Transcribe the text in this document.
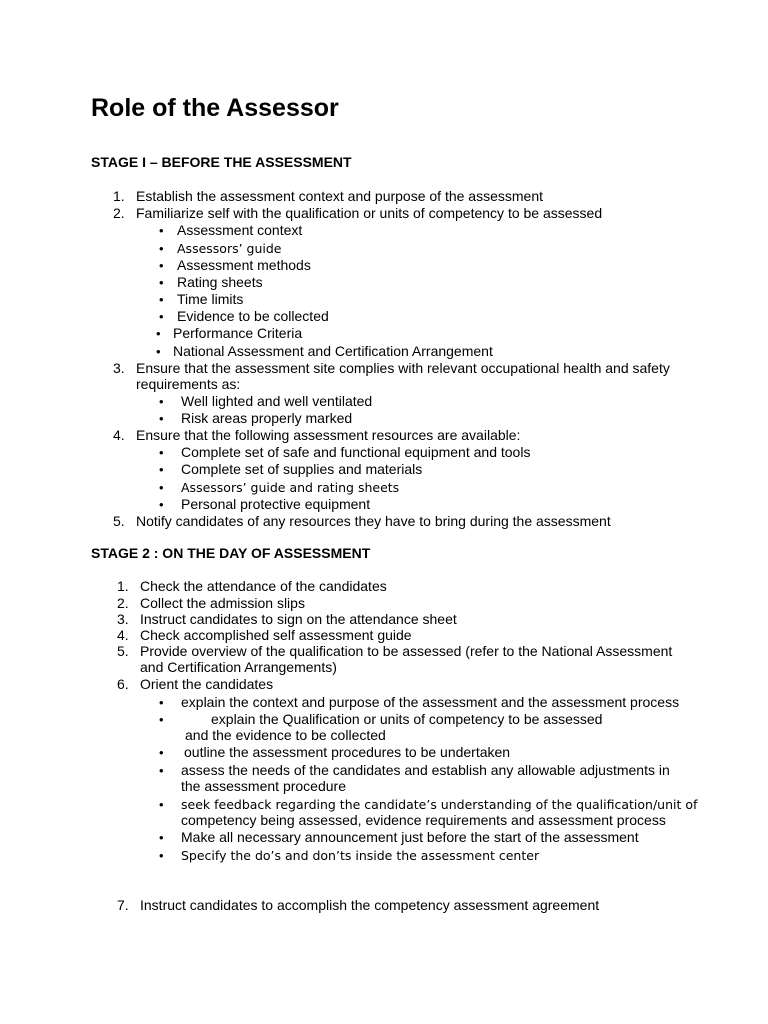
Role of the Assessor

STAGE I – BEFORE THE ASSESSMENT

1. Establish the assessment context and purpose of the assessment
2. Familiarize self with the qualification or units of competency to be assessed
• Assessment context
• Assessors’ guide
• Assessment methods
• Rating sheets
• Time limits
• Evidence to be collected
• Performance Criteria
• National Assessment and Certification Arrangement
3. Ensure that the assessment site complies with relevant occupational health and safety
requirements as:
• Well lighted and well ventilated
• Risk areas properly marked
4. Ensure that the following assessment resources are available:
• Complete set of safe and functional equipment and tools
• Complete set of supplies and materials
• Assessors’ guide and rating sheets
• Personal protective equipment
5. Notify candidates of any resources they have to bring during the assessment

STAGE 2 : ON THE DAY OF ASSESSMENT

1. Check the attendance of the candidates
2. Collect the admission slips
3. Instruct candidates to sign on the attendance sheet
4. Check accomplished self assessment guide
5. Provide overview of the qualification to be assessed (refer to the National Assessment
and Certification Arrangements)
6. Orient the candidates
• explain the context and purpose of the assessment and the assessment process
•	explain the Qualification or units of competency to be assessed
and the evidence to be collected
• outline the assessment procedures to be undertaken
• assess the needs of the candidates and establish any allowable adjustments in
the assessment procedure
• seek feedback regarding the candidate’s understanding of the qualification/unit of
competency being assessed, evidence requirements and assessment process
• Make all necessary announcement just before the start of the assessment
• Specify the do’s and don’ts inside the assessment center
7. Instruct candidates to accomplish the competency assessment agreement
